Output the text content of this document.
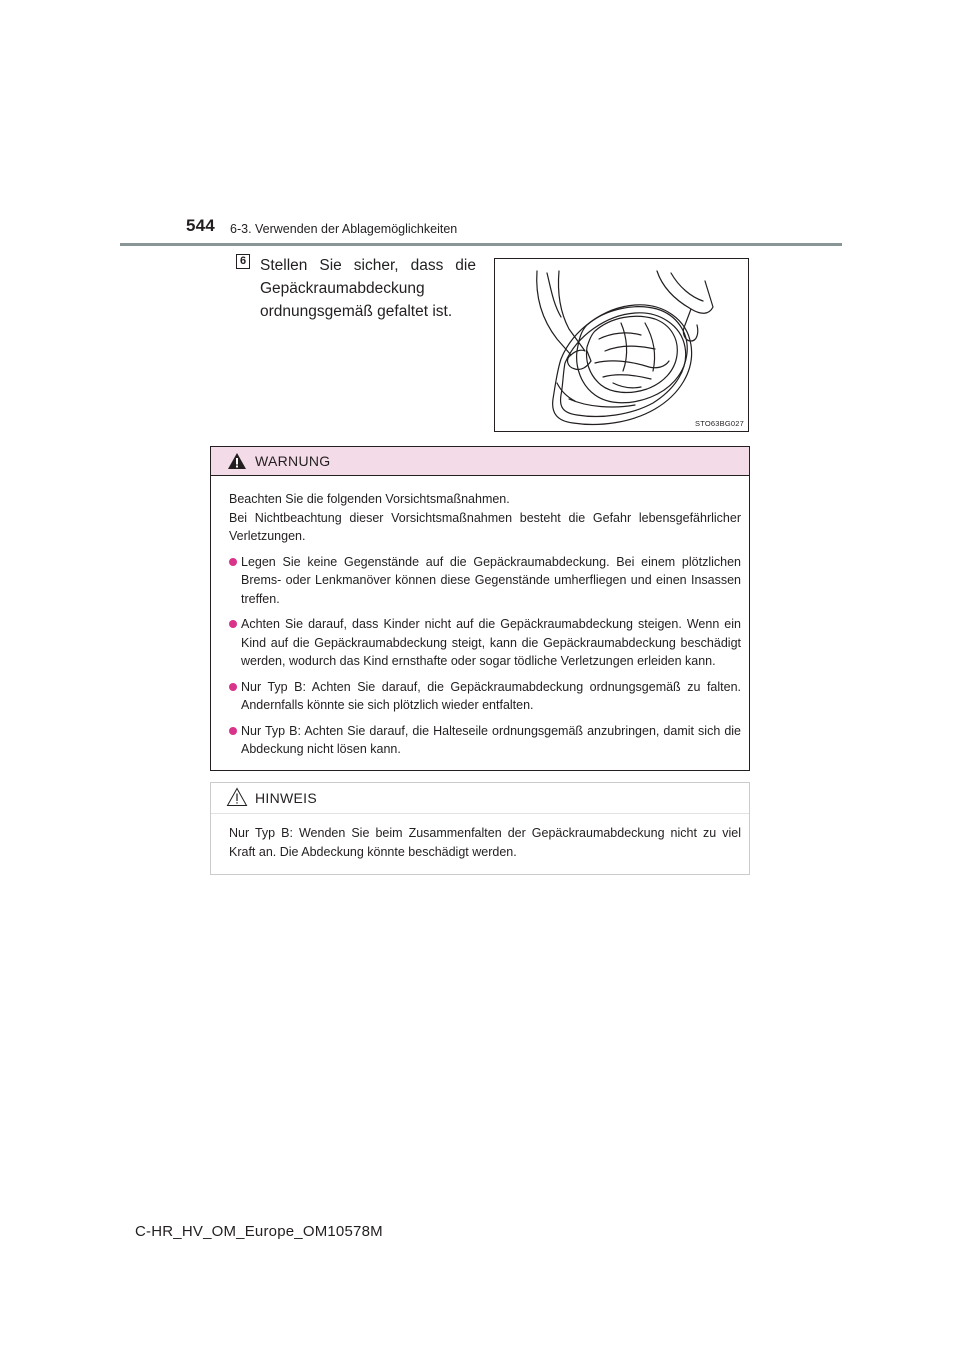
544 6-3. Verwenden der Ablagemöglichkeiten
6 Stellen Sie sicher, dass die Gepäckraumabdeckung ordnungsgemäß gefaltet ist.
STO63BG027
WARNUNG

Beachten Sie die folgenden Vorsichtsmaßnahmen.

Bei Nichtbeachtung dieser Vorsichtsmaßnahmen besteht die Gefahr lebensgefährlicher Verletzungen.

Legen Sie keine Gegenstände auf die Gepäckraumabdeckung. Bei einem plötzlichen Brems- oder Lenkmanöver können diese Gegenstände umherfliegen und einen Insassen treffen.
Achten Sie darauf, dass Kinder nicht auf die Gepäckraumabdeckung steigen. Wenn ein Kind auf die Gepäckraumabdeckung steigt, kann die Gepäckraumabdeckung beschädigt werden, wodurch das Kind ernsthafte oder sogar tödliche Verletzungen erleiden kann.
Nur Typ B: Achten Sie darauf, die Gepäckraumabdeckung ordnungsgemäß zu falten. Andernfalls könnte sie sich plötzlich wieder entfalten.
Nur Typ B: Achten Sie darauf, die Halteseile ordnungsgemäß anzubringen, damit sich die Abdeckung nicht lösen kann.
HINWEIS
Nur Typ B: Wenden Sie beim Zusammenfalten der Gepäckraumabdeckung nicht zu viel Kraft an. Die Abdeckung könnte beschädigt werden.
C-HR_HV_OM_Europe_OM10578M
